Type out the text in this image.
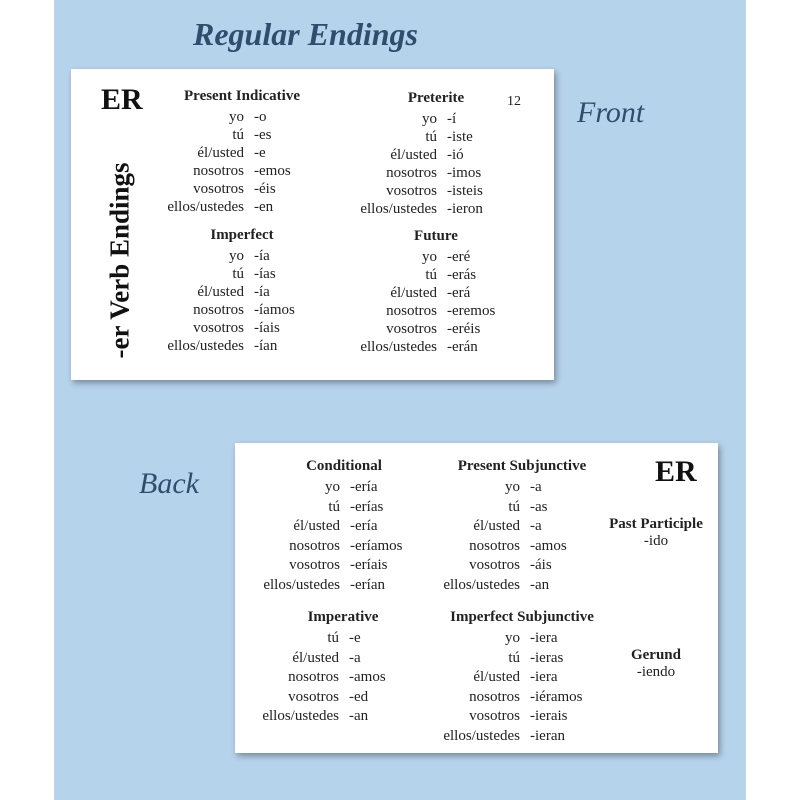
Regular Endings
Front
Back
ER
-er Verb Endings
12
Present Indicative
yo -o
tú -es
él/usted -e
nosotros -emos
vosotros -éis
ellos/ustedes -en
Preterite
yo -í
tú -iste
él/usted -ió
nosotros -imos
vosotros -isteis
ellos/ustedes -ieron
Imperfect
yo -ía
tú -ías
él/usted -ía
nosotros -íamos
vosotros -íais
ellos/ustedes -ían
Future
yo -eré
tú -erás
él/usted -erá
nosotros -eremos
vosotros -eréis
ellos/ustedes -erán
ER
Conditional
yo -ería
tú -erías
él/usted -ería
nosotros -eríamos
vosotros -eríais
ellos/ustedes -erían
Present Subjunctive
yo -a
tú -as
él/usted -a
nosotros -amos
vosotros -áis
ellos/ustedes -an
Imperative
tú -e
él/usted -a
nosotros -amos
vosotros -ed
ellos/ustedes -an
Imperfect Subjunctive
yo -iera
tú -ieras
él/usted -iera
nosotros -iéramos
vosotros -ierais
ellos/ustedes -ieran
Past Participle
-ido
Gerund
-iendo
